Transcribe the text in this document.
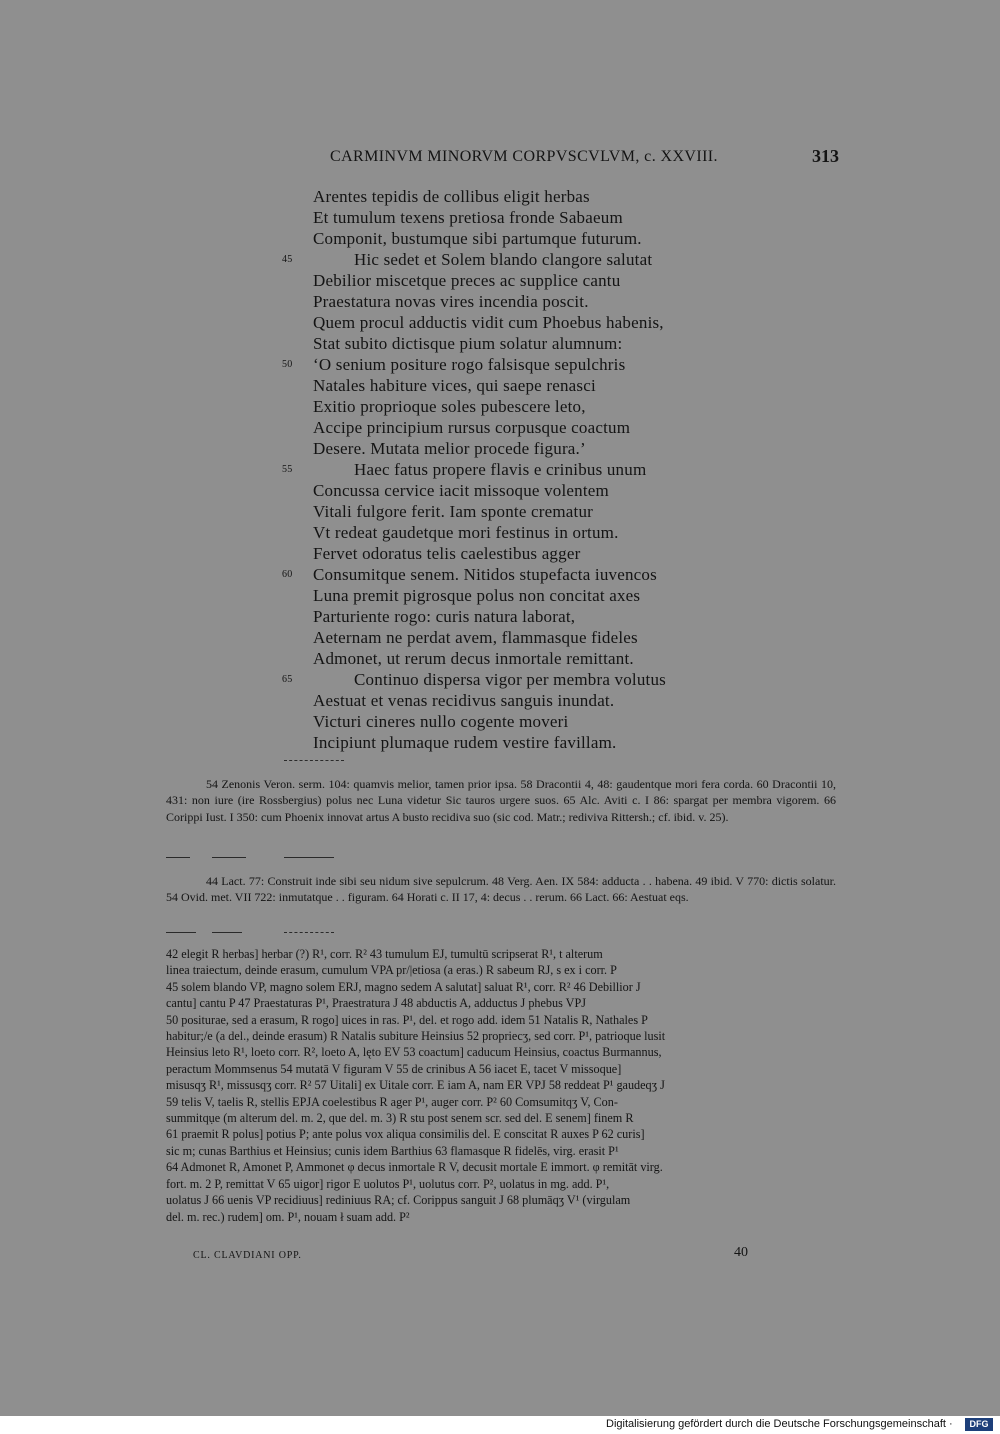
CARMINVM MINORVM CORPVSCVLVM, c. XXVIII.	313
Arentes tepidis de collibus eligit herbas
Et tumulum texens pretiosa fronde Sabaeum
Componit, bustumque sibi partumque futurum.
45	Hic sedet et Solem blando clangore salutat
Debilior miscetque preces ac supplice cantu
Praestatura novas vires incendia poscit.
Quem procul adductis vidit cum Phoebus habenis,
Stat subito dictisque pium solatur alumnum:
50 ‘O senium positure rogo falsisque sepulchris
Natales habiture vices, qui saepe renasci
Exitio proprioque soles pubescere leto,
Accipe principium rursus corpusque coactum
Desere. Mutata melior procede figura.’
55	Haec fatus propere flavis e crinibus unum
Concussa cervice iacit missoque volentem
Vitali fulgore ferit. Iam sponte crematur
Vt redeat gaudetque mori festinus in ortum.
Fervet odoratus telis caelestibus agger
60 Consumitque senem. Nitidos stupefacta iuvencos
Luna premit pigrosque polus non concitat axes
Parturiente rogo: curis natura laborat,
Aeternam ne perdat avem, flammasque fideles
Admonet, ut rerum decus inmortale remittant.
65	Continuo dispersa vigor per membra volutus
Aestuat et venas recidivus sanguis inundat.
Victuri cineres nullo cogente moveri
Incipiunt plumaque rudem vestire favillam.
54 Zenonis Veron. serm. 104: quamvis melior, tamen prior ipsa. 58 Dracontii 4, 48: gaudentque mori fera corda. 60 Dracontii 10, 431: non iure (ire Rossbergius) polus nec Luna videtur Sic tauros urgere suos. 65 Alc. Aviti c. I 86: spargat per membra vigorem. 66 Corippi Iust. I 350: cum Phoenix innovat artus A busto recidiva suo (sic cod. Matr.; rediviva Rittersh.; cf. ibid. v. 25).
44 Lact. 77: Construit inde sibi seu nidum sive sepulcrum. 48 Verg. Aen. IX 584: adducta . . habena. 49 ibid. V 770: dictis solatur. 54 Ovid. met. VII 722: inmutatque . . figuram. 64 Horati c. II 17, 4: decus . . rerum. 66 Lact. 66: Aestuat eqs.
42 elegit R herbas] herbar (?) R¹, corr. R² 43 tumulum EJ, tumultū scripserat R¹, t alterum
linea traiectum, deinde erasum, cumulum VPA pr/|etiosa (a eras.) R sabeum RJ, s ex i corr. P
45 solem blando VP, magno solem ERJ, magno sedem A salutat] saluat R¹, corr. R² 46 Debillior J
cantu] cantu P 47 Praestaturas P¹, Praestratura J 48 abductis A, adductus J phebus VPJ
50 positurae, sed a erasum, R rogo] uices in ras. P¹, del. et rogo add. idem 51 Natalis R, Nathales P
habitur;/e (a del., deinde erasum) R Natalis subiture Heinsius 52 propriecʒ, sed corr. P¹, patrioque lusit
Heinsius leto R¹, loeto corr. R², loeto A, lęto EV 53 coactum] caducum Heinsius, coactus Burmannus,
peractum Mommsenus 54 mutatā V figuram V 55 de crinibus A 56 iacet E, tacet V missoque]
misusqʒ R¹, missusqʒ corr. R² 57 Uitali] ex Uitale corr. E iam A, nam ER VPJ 58 reddeat P¹ gaudeqʒ J
59 telis V, taelis R, stellis EPJA coelestibus R ager P¹, auger corr. P² 60 Comsumitqʒ V, Con-
summitqụe (m alterum del. m. 2, que del. m. 3) R stu post senem scr. sed del. E senem] finem R
61 praemit R polus] potius P; ante polus vox aliqua consimilis del. E conscitat R auxes P 62 curis]
sic m; cunas Barthius et Heinsius; cunis idem Barthius 63 flamasque R fidelēs, virg. erasit P¹
64 Admonet R, Amonet P, Ammonet φ decus inmortale R V, decusit mortale E immort. φ remitāt virg.
fort. m. 2 P, remittat V 65 uigor] rigor E uolutos P¹, uolutus corr. P², uolatus in mg. add. P¹,
uolatus J 66 uenis VP recidiuus] rediniuus RA; cf. Corippus sanguit J 68 plumāqʒ V¹ (virgulam
del. m. rec.) rudem] om. P¹, nouam ł suam add. P²
CL. CLAVDIANI OPP.	40
Digitalisierung gefördert durch die Deutsche Forschungsgemeinschaft ·	DFG
